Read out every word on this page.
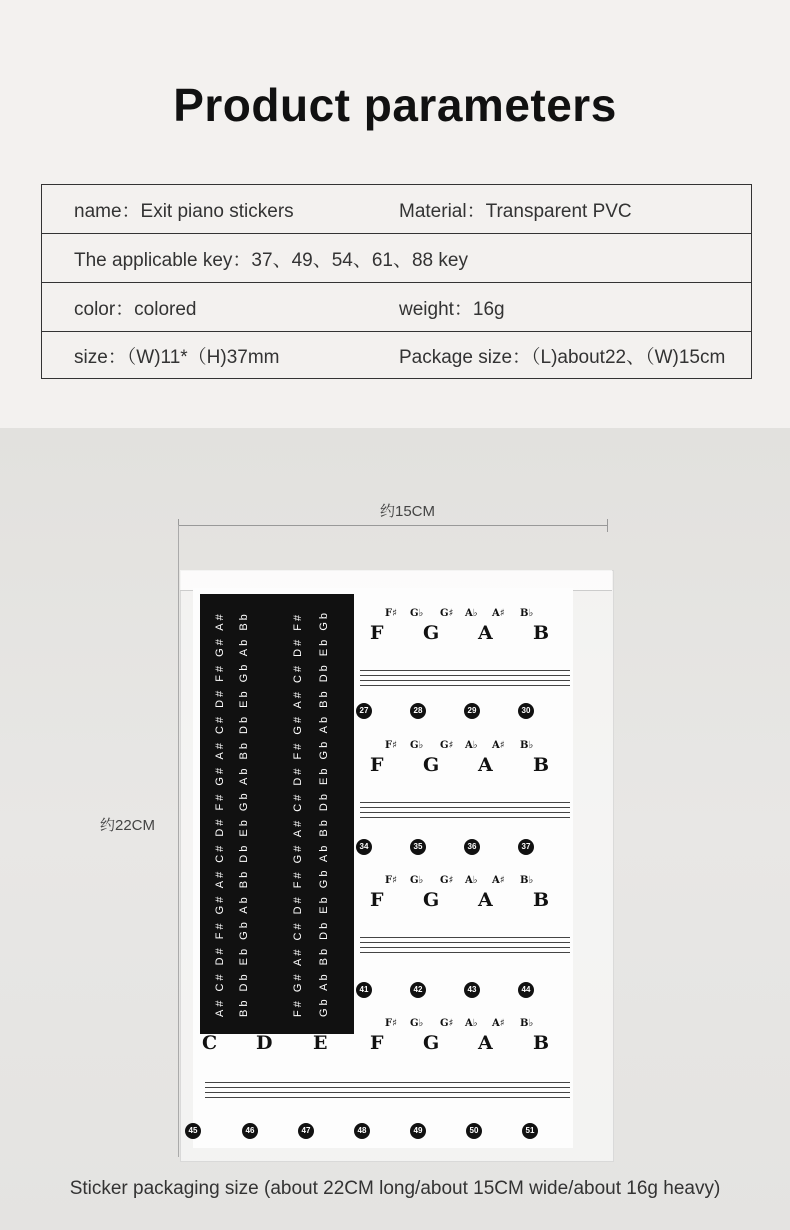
Product parameters
name：Exit piano stickers	Material：Transparent PVC
The applicable key：37、49、54、61、88 key
color：colored	weight：16g
size：（W)11*（H)37mm	Package size：（L)about22、（W)15cm
约15CM
约22CM
A# C# D# F# G# A# C# D# F# G# A# C# D# F# G# A#
Bb Db Eb Gb Ab Bb Db Eb Gb Ab Bb Db Eb Gb Ab Bb
F# G# A# C# D# F# G# A# C# D# F# G# A# C# D# F#
Gb Ab Bb Db Eb Gb Ab Bb Db Eb Gb Ab Bb Db Eb Gb	F♯ G♭ G♯ A♭ A♯ B♭
F G A B
F♯ G♭ G♯ A♭ A♯ B♭
F G A B
F♯ G♭ G♯ A♭ A♯ B♭
F G A B
27	28	29	30
34	35	36	37
41	42	43	44
F♯ G♭ G♯ A♭ A♯ B♭
C D E F G A B
45	46	47	48	49	50	51
Sticker packaging size (about 22CM long/about 15CM wide/about 16g heavy)
